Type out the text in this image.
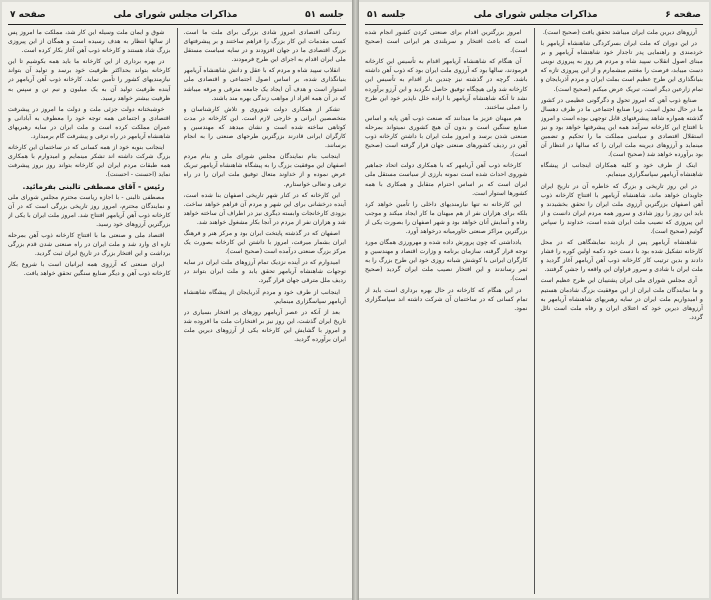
صفحه ۶
مذاکرات مجلس شورای ملی
جلسه ۵۱

آرزوهای دیرین ملت ایران میباشد تحقق یافت (صحیح است).

در این دوران که ملت ایران بسرکردگی شاهنشاه آریامهر با خردمندی و راهنمایی پدر تاجدار خود شاهنشاه آریامهر و بر مبنای اصول انقلاب سپید شاه و مردم هر روز به پیروزی نوینی دست مییابد، فرصت را مغتنم میشمارم و از این پیروزی تازه که بنیانگذاری این طرح عظیم است بملت ایران و مردم آذربایجان و تمام زارعین دیگر است، تبریک عرض میکنم (صحیح است).

صنایع ذوب آهن که امروز تحول و دگرگونی عظیمی در کشور ما در حال تحول است، زیرا صنایع اجتماعی ما در ظرف دهسال گذشته همواره شاهد پیشرفتهای قابل توجهی بوده است و امروز با افتتاح این کارخانه سرآمد همه این پیشرفتها خواهد بود و نیز استقلال اقتصادی و سیاسی مملکت ما را تحکیم و تضمین مینماید و آرزوهای دیرینه ملت ایران را که سالها در انتظار آن بود برآورده خواهد شد (صحیح است).

اینک از طرف خود و کلیه همکاران اینجانب از پیشگاه شاهنشاه آریامهر سپاسگزاری مینمایم.

در این روز تاریخی و بزرگ که خاطره آن در تاریخ ایران جاویدان خواهد ماند، شاهنشاه آریامهر با افتتاح کارخانه ذوب آهن اصفهان بزرگترین آرزوی ملت ایران را تحقق بخشیدند و باید این روز را روز شادی و سرور همه مردم ایران دانست و از این پیروزی که نصیب ملت ایران شده است، خداوند را سپاس گوئیم (صحیح است).

شاهنشاه آریامهر پس از بازدید نمایشگاهی که در محل کارخانه تشکیل شده بود با دست خود دکمه اولین کوره را فشار دادند و بدین ترتیب کار کارخانه ذوب آهن آریامهر آغاز گردید و ملت ایران با شادی و سرور فراوان این واقعه را جشن گرفتند.

آری مجلس شورای ملی ایران پشتیبان این طرح عظیم است و ما نمایندگان ملت ایران از این موفقیت بزرگ شادمان هستیم و امیدواریم ملت ایران در سایه رهبریهای شاهنشاه آریامهر به آرزوهای دیرین خود که اعتلای ایران و رفاه ملت است نائل گردد.

امروز بزرگترین اقدام برای صنعتی کردن کشور انجام شده است که باعث افتخار و سربلندی هر ایرانی است (صحیح است).

آن هنگام که شاهنشاه آریامهر اقدام به تأسیس این کارخانه فرمودند، سالها بود که آرزوی ملت ایران بود که ذوب آهن داشته باشد. گرچه در گذشته نیز چندین بار اقدام به تأسیس این کارخانه شد ولی هیچگاه توفیق حاصل نگردید و این آرزو برآورده نشد تا آنکه شاهنشاه آریامهر با اراده خلل ناپذیر خود این طرح را عملی ساختند.

هم میهنان عزیز ما میدانند که صنعت ذوب آهن پایه و اساس صنایع سنگین است و بدون آن هیچ کشوری نمیتواند بمرحله صنعتی شدن برسد و امروز ملت ایران با داشتن کارخانه ذوب آهن در ردیف کشورهای صنعتی جهان قرار گرفته است (صحیح است).

کارخانه ذوب آهن آریامهر که با همکاری دولت اتحاد جماهیر شوروی احداث شده است نمونه بارزی از سیاست مستقل ملی ایران است که بر اساس احترام متقابل و همکاری با همه کشورها استوار است.

این کارخانه نه تنها نیازمندیهای داخلی را تأمین خواهد کرد بلکه برای هزاران نفر از هم میهنان ما کار ایجاد میکند و موجب رفاه و آسایش آنان خواهد بود و شهر اصفهان را بصورت یکی از بزرگترین مراکز صنعتی خاورمیانه درخواهد آورد.

یادداشتی که چون پرورش داده شده و مهرورزی همگان مورد توجه قرار گرفته، سازمان برنامه و وزارت اقتصاد و مهندسین و کارگران ایرانی با کوشش شبانه روزی خود این طرح بزرگ را به ثمر رساندند و این افتخار نصیب ملت ایران گردید (صحیح است).

در این هنگام که کارخانه در حال بهره برداری است باید از تمام کسانی که در ساختمان آن شرکت داشته اند سپاسگزاری نمود.

جلسه ۵۱
مذاکرات مجلس شورای ملی
صفحه ۷

زندگی اقتصادی امروز شادی بزرگی برای ملت ما است. کسب مقدمات این کار بزرگ را فراهم ساختند و بر پیشرفتهای بزرگ اقتصادی ما در جهان افزودند و در سایه سیاست مستقل ملی ایران اقدام به اجرای این طرح فرمودند.

انقلاب سپید شاه و مردم که با عقل و دانش شاهنشاه آریامهر بنیانگذاری شده، بر اساس اصول اجتماعی و اقتصادی ملی استوار است و هدف آن ایجاد یک جامعه مترقی و مرفه میباشد که در آن همه افراد از مواهب زندگی بهره مند باشند.

تشکر از همکاری دولت شوروی و تلاش کارشناسان و متخصصین ایرانی و خارجی لازم است. این کارخانه در مدت کوتاهی ساخته شده است و نشان میدهد که مهندسین و کارگران ایرانی قادرند بزرگترین طرحهای صنعتی را به انجام برسانند.

اینجانب بنام نمایندگان مجلس شورای ملی و بنام مردم اصفهان این موفقیت بزرگ را به پیشگاه شاهنشاه آریامهر تبریک عرض نموده و از خداوند متعال توفیق ملت ایران را در راه ترقی و تعالی خواستارم.

این کارخانه که در کنار شهر تاریخی اصفهان بنا شده است، آینده درخشانی برای این شهر و مردم آن فراهم خواهد ساخت. بزودی کارخانجات وابسته دیگری نیز در اطراف آن ساخته خواهد شد و هزاران نفر از مردم در آنجا بکار مشغول خواهند شد.

اصفهان که در گذشته پایتخت ایران بود و مرکز هنر و فرهنگ ایران بشمار میرفت، امروز با داشتن این کارخانه بصورت یک مرکز بزرگ صنعتی درآمده است (صحیح است).

امیدوارم که در آینده نزدیک تمام آرزوهای ملت ایران در سایه توجهات شاهنشاه آریامهر تحقق یابد و ملت ایران بتواند در ردیف ملل مترقی جهان قرار گیرد.

اینجانب از طرف خود و مردم آذربایجان از پیشگاه شاهنشاه آریامهر سپاسگزاری مینمایم.

بعد از آنکه در عصر آریامهر روزهای پر افتخار بسیاری در تاریخ ایران گذشت، این روز نیز بر افتخارات ملت ما افزوده شد و امروز با گشایش این کارخانه یکی از آرزوهای دیرین ملت ایران برآورده گردید.

شوق و ایمان ملت وسیله این کار شد، مملکت ما امروز پس از سالها انتظار به هدف رسیده است و همگان از این پیروزی بزرگ شاد هستند و کارخانه ذوب آهن آغاز بکار کرده است.

در بهره برداری از این کارخانه ما باید همه بکوشیم تا این کارخانه بتواند بحداکثر ظرفیت خود برسد و تولید آن بتواند نیازمندیهای کشور را تأمین نماید. کارخانه ذوب آهن آریامهر در آینده ظرفیت تولید آن به یک میلیون و نیم تن و سپس به ظرفیت بیشتر خواهد رسید.

خوشبختانه دولت جزئی ملت و دولت ما امروز در پیشرفت اقتصادی و اجتماعی همه توجه خود را معطوف به آبادانی و عمران مملکت کرده است و ملت ایران در سایه رهبریهای شاهنشاه آریامهر در راه ترقی و پیشرفت گام برمیدارد.

اینجانب بنوبه خود از همه کسانی که در ساختمان این کارخانه بزرگ شرکت داشته اند تشکر مینمایم و امیدوارم با همکاری همه طبقات مردم ایران این کارخانه بتواند روز بروز پیشرفت نماید (احسنت - احسنت).

رئیس - آقای مصطفی تالبنی بفرمائید.

مصطفی تالبنی - با اجازه ریاست محترم مجلس شورای ملی و نمایندگان محترم، امروز روز تاریخی بزرگی است که در آن کارخانه ذوب آهن آریامهر افتتاح شد. امروز ملت ایران با یکی از بزرگترین آرزوهای خود رسید.

اقتصاد ملی و صنعتی ما با افتتاح کارخانه ذوب آهن بمرحله تازه ای وارد شد و ملت ایران در راه صنعتی شدن قدم بزرگی برداشت و این افتخار بزرگ در تاریخ ایران ثبت گردید.

ایران صنعتی که آرزوی همه ایرانیان است با شروع بکار کارخانه ذوب آهن و دیگر صنایع سنگین تحقق خواهد یافت.
